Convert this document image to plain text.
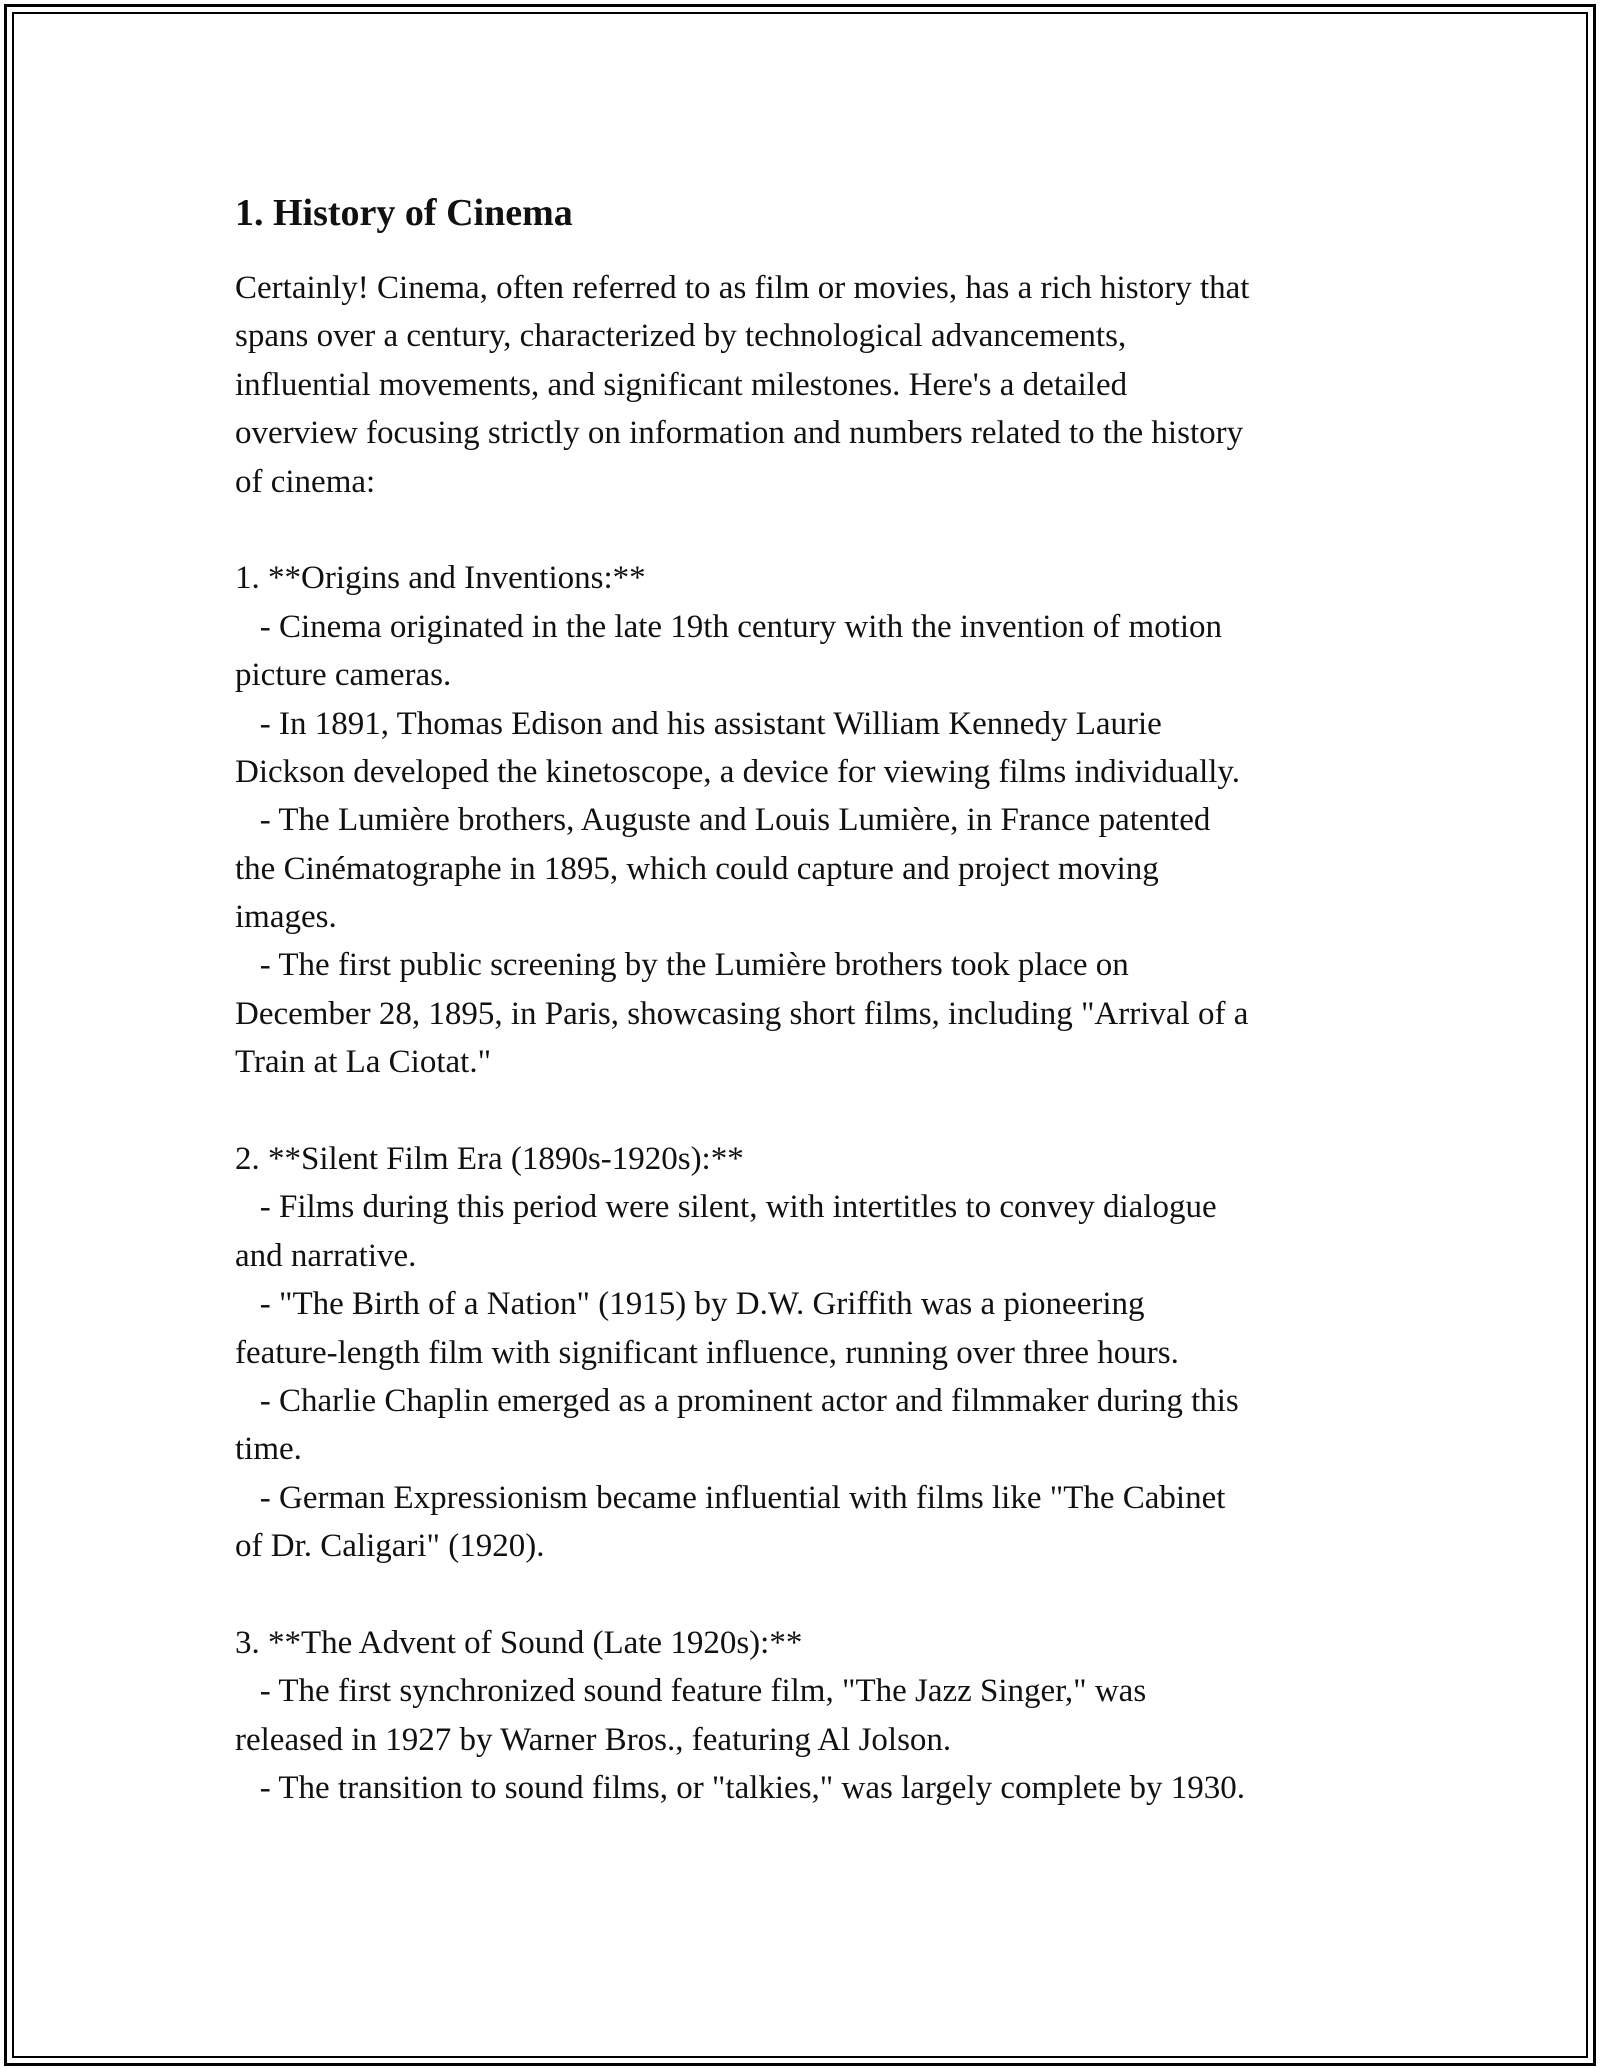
1. History of Cinema
Certainly! Cinema, often referred to as film or movies, has a rich history that
spans over a century, characterized by technological advancements,
influential movements, and significant milestones. Here's a detailed
overview focusing strictly on information and numbers related to the history
of cinema:
1. **Origins and Inventions:**
- Cinema originated in the late 19th century with the invention of motion
picture cameras.
- In 1891, Thomas Edison and his assistant William Kennedy Laurie
Dickson developed the kinetoscope, a device for viewing films individually.
- The Lumière brothers, Auguste and Louis Lumière, in France patented
the Cinématographe in 1895, which could capture and project moving
images.
- The first public screening by the Lumière brothers took place on
December 28, 1895, in Paris, showcasing short films, including "Arrival of a
Train at La Ciotat."
2. **Silent Film Era (1890s-1920s):**
- Films during this period were silent, with intertitles to convey dialogue
and narrative.
- "The Birth of a Nation" (1915) by D.W. Griffith was a pioneering
feature-length film with significant influence, running over three hours.
- Charlie Chaplin emerged as a prominent actor and filmmaker during this
time.
- German Expressionism became influential with films like "The Cabinet
of Dr. Caligari" (1920).
3. **The Advent of Sound (Late 1920s):**
- The first synchronized sound feature film, "The Jazz Singer," was
released in 1927 by Warner Bros., featuring Al Jolson.
- The transition to sound films, or "talkies," was largely complete by 1930.
